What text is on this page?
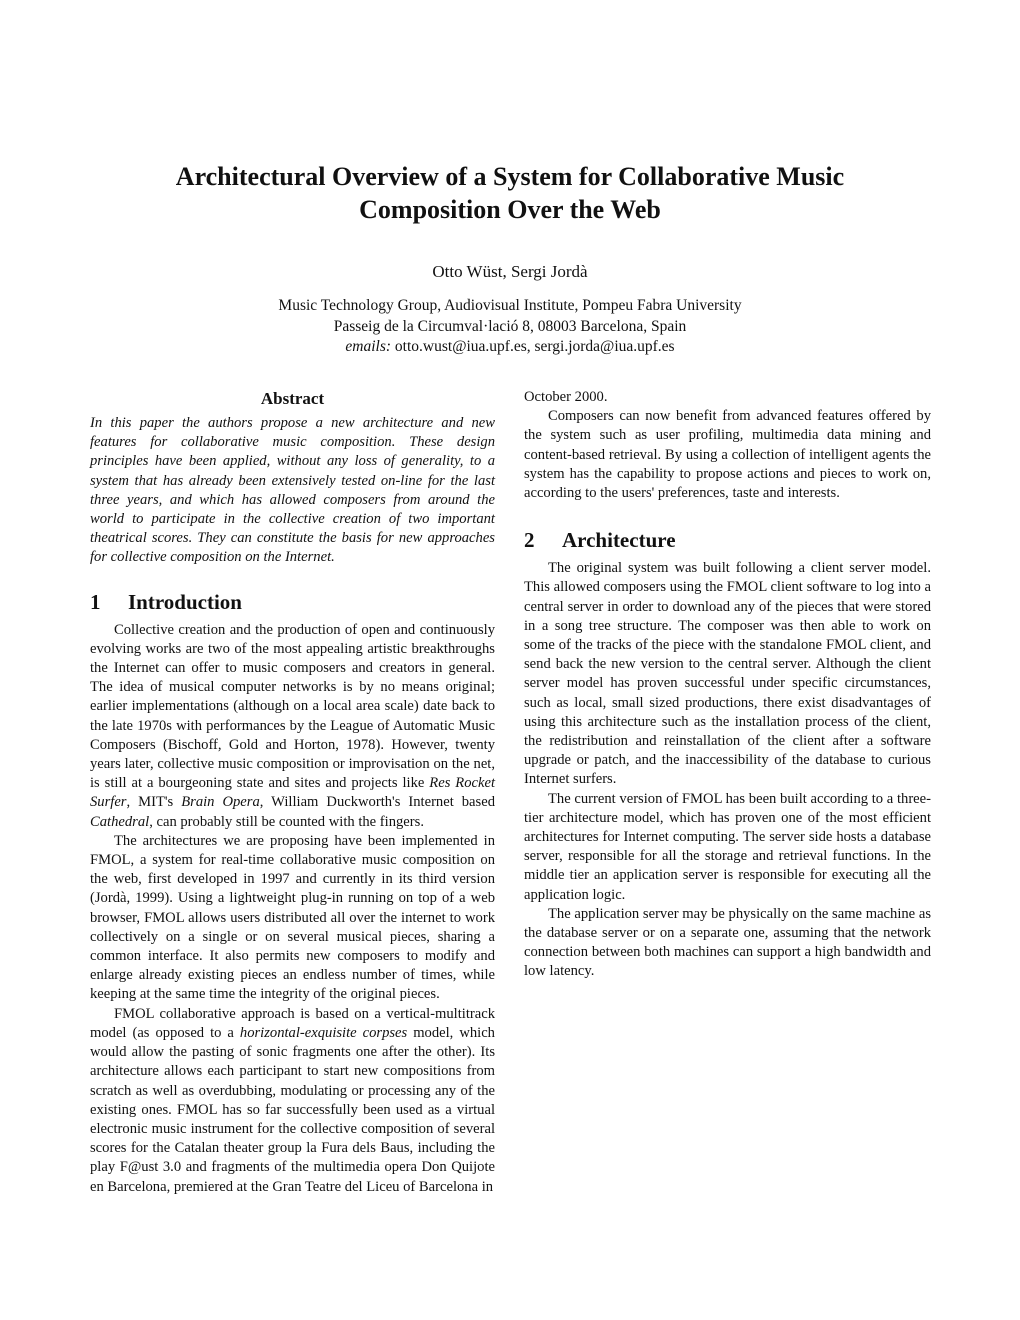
Architectural Overview of a System for Collaborative Music Composition Over the Web
Otto Wüst, Sergi Jordà

Music Technology Group, Audiovisual Institute, Pompeu Fabra University

Passeig de la Circumval·lació 8, 08003 Barcelona, Spain

emails: otto.wust@iua.upf.es, sergi.jorda@iua.upf.es

Abstract

In this paper the authors propose a new architecture and new features for collaborative music composition. These design principles have been applied, without any loss of generality, to a system that has already been extensively tested on-line for the last three years, and which has allowed composers from around the world to participate in the collective creation of two important theatrical scores. They can constitute the basis for new approaches for collective composition on the Internet.

1 Introduction

Collective creation and the production of open and continuously evolving works are two of the most appealing artistic breakthroughs the Internet can offer to music composers and creators in general. The idea of musical computer networks is by no means original; earlier implementations (although on a local area scale) date back to the late 1970s with performances by the League of Automatic Music Composers (Bischoff, Gold and Horton, 1978). However, twenty years later, collective music composition or improvisation on the net, is still at a bourgeoning state and sites and projects like Res Rocket Surfer, MIT's Brain Opera, William Duckworth's Internet based Cathedral, can probably still be counted with the fingers.

The architectures we are proposing have been implemented in FMOL, a system for real-time collaborative music composition on the web, first developed in 1997 and currently in its third version (Jordà, 1999). Using a lightweight plug-in running on top of a web browser, FMOL allows users distributed all over the internet to work collectively on a single or on several musical pieces, sharing a common interface. It also permits new composers to modify and enlarge already existing pieces an endless number of times, while keeping at the same time the integrity of the original pieces.

FMOL collaborative approach is based on a vertical-multitrack model (as opposed to a horizontal-exquisite corpses model, which would allow the pasting of sonic fragments one after the other). Its architecture allows each participant to start new compositions from scratch as well as overdubbing, modulating or processing any of the existing ones. FMOL has so far successfully been used as a virtual electronic music instrument for the collective composition of several scores for the Catalan theater group la Fura dels Baus, including the play F@ust 3.0 and fragments of the multimedia opera Don Quijote en Barcelona, premiered at the Gran Teatre del Liceu of Barcelona in

October 2000.

Composers can now benefit from advanced features offered by the system such as user profiling, multimedia data mining and content-based retrieval. By using a collection of intelligent agents the system has the capability to propose actions and pieces to work on, according to the users' preferences, taste and interests.

2 Architecture

The original system was built following a client server model. This allowed composers using the FMOL client software to log into a central server in order to download any of the pieces that were stored in a song tree structure. The composer was then able to work on some of the tracks of the piece with the standalone FMOL client, and send back the new version to the central server. Although the client server model has proven successful under specific circumstances, such as local, small sized productions, there exist disadvantages of using this architecture such as the installation process of the client, the redistribution and reinstallation of the client after a software upgrade or patch, and the inaccessibility of the database to curious Internet surfers.

The current version of FMOL has been built according to a three-tier architecture model, which has proven one of the most efficient architectures for Internet computing. The server side hosts a database server, responsible for all the storage and retrieval functions. In the middle tier an application server is responsible for executing all the application logic.

The application server may be physically on the same machine as the database server or on a separate one, assuming that the network connection between both machines can support a high bandwidth and low latency.
